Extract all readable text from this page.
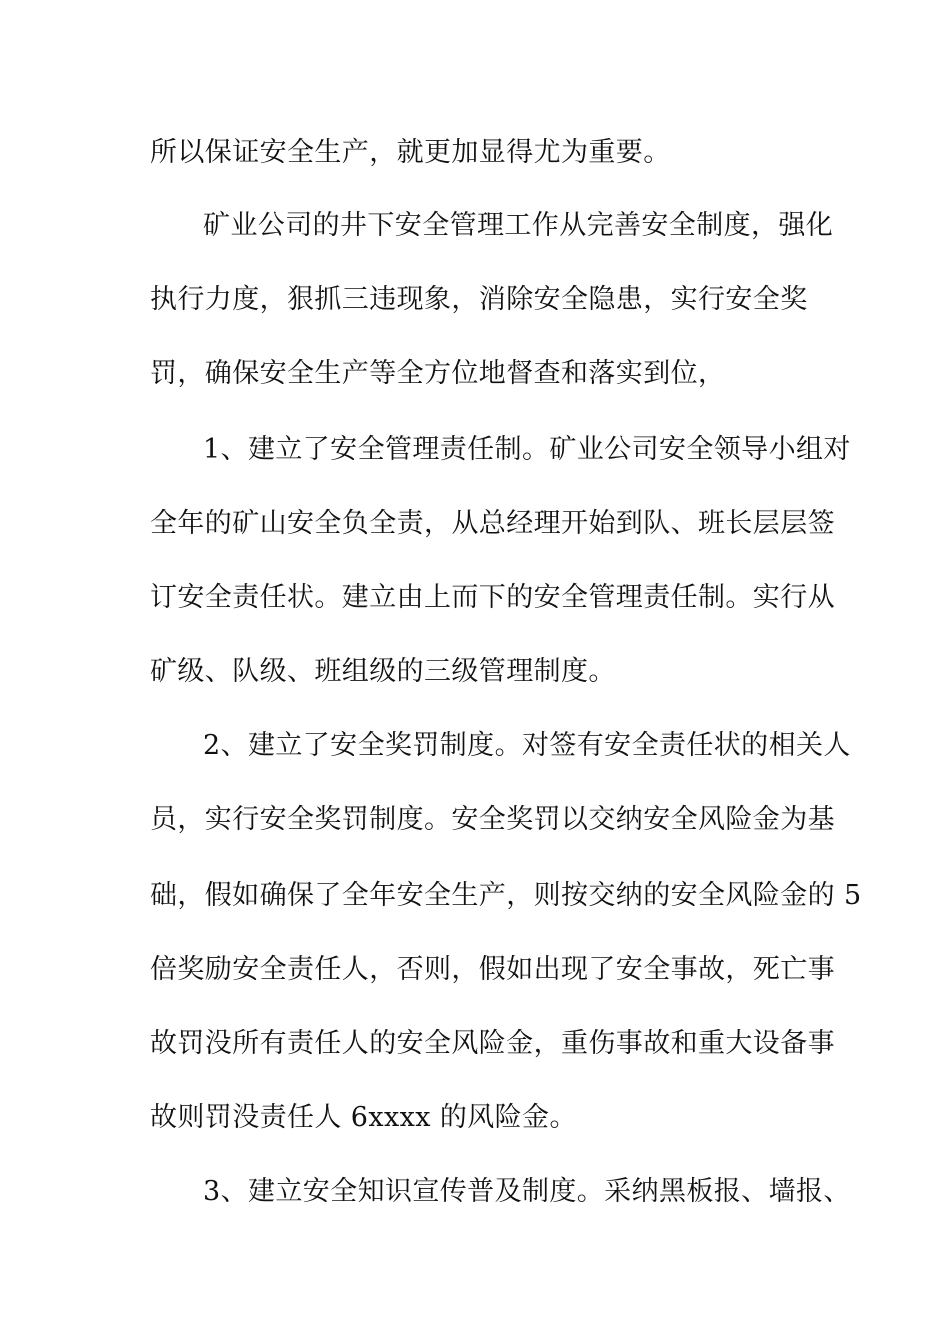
所以保证安全生产，就更加显得尤为重要。
矿业公司的井下安全管理工作从完善安全制度，强化
执行力度，狠抓三违现象，消除安全隐患，实行安全奖
罚，确保安全生产等全方位地督查和落实到位，
1、建立了安全管理责任制。矿业公司安全领导小组对
全年的矿山安全负全责，从总经理开始到队、班长层层签
订安全责任状。建立由上而下的安全管理责任制。实行从
矿级、队级、班组级的三级管理制度。
2、建立了安全奖罚制度。对签有安全责任状的相关人
员，实行安全奖罚制度。安全奖罚以交纳安全风险金为基
础，假如确保了全年安全生产，则按交纳的安全风险金的 5
倍奖励安全责任人，否则，假如出现了安全事故，死亡事
故罚没所有责任人的安全风险金，重伤事故和重大设备事
故则罚没责任人 6xxxx 的风险金。
3、建立安全知识宣传普及制度。采纳黑板报、墙报、
